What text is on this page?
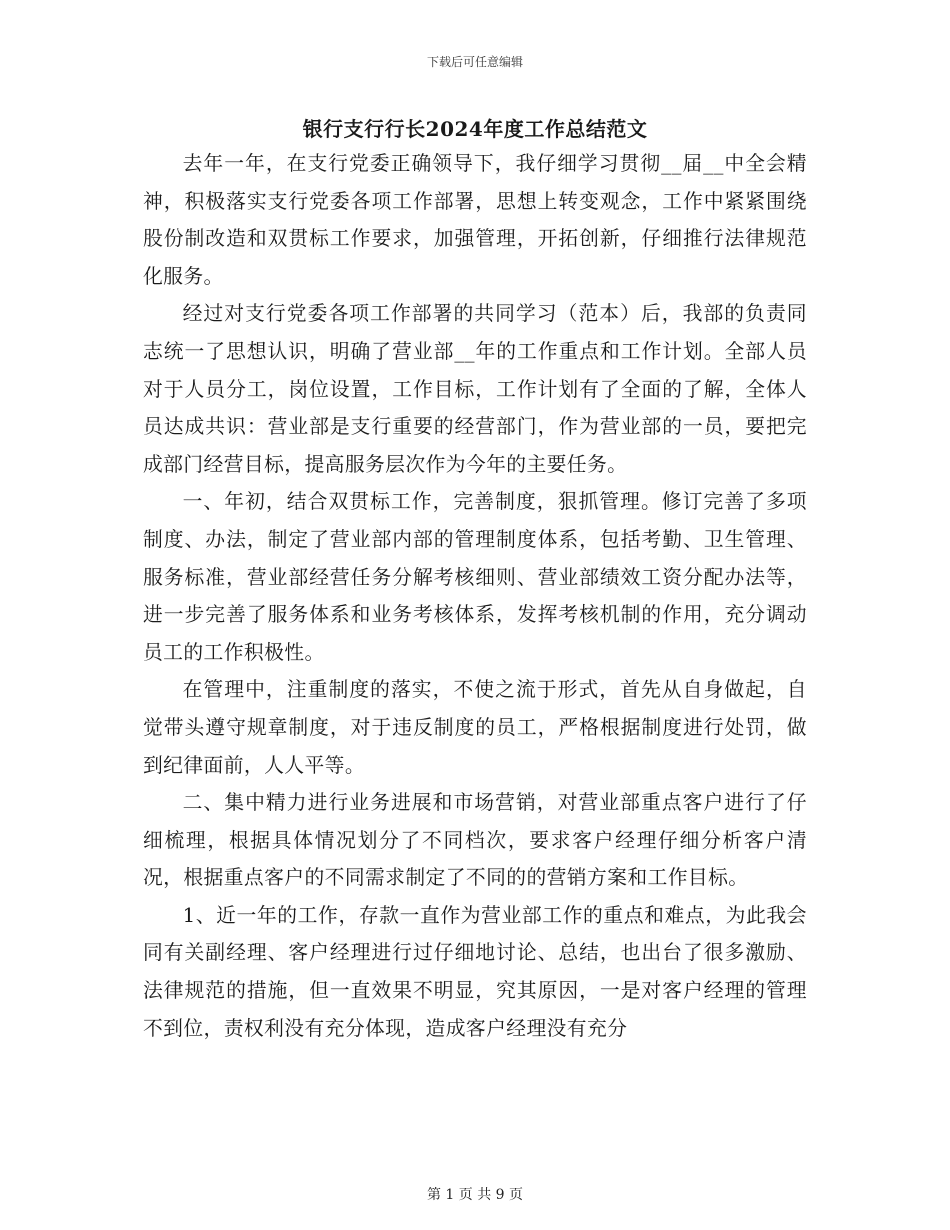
下载后可任意编辑
银行支行行长2024年度工作总结范文

去年一年，在支行党委正确领导下，我仔细学习贯彻__届__中全会精神，积极落实支行党委各项工作部署，思想上转变观念，工作中紧紧围绕股份制改造和双贯标工作要求，加强管理，开拓创新，仔细推行法律规范化服务。

经过对支行党委各项工作部署的共同学习（范本）后，我部的负责同志统一了思想认识，明确了营业部__年的工作重点和工作计划。全部人员对于人员分工，岗位设置，工作目标，工作计划有了全面的了解，全体人员达成共识：营业部是支行重要的经营部门，作为营业部的一员，要把完成部门经营目标，提高服务层次作为今年的主要任务。

一、年初，结合双贯标工作，完善制度，狠抓管理。修订完善了多项制度、办法，制定了营业部内部的管理制度体系，包括考勤、卫生管理、服务标准，营业部经营任务分解考核细则、营业部绩效工资分配办法等，进一步完善了服务体系和业务考核体系，发挥考核机制的作用，充分调动员工的工作积极性。

在管理中，注重制度的落实，不使之流于形式，首先从自身做起，自觉带头遵守规章制度，对于违反制度的员工，严格根据制度进行处罚，做到纪律面前，人人平等。

二、集中精力进行业务进展和市场营销，对营业部重点客户进行了仔细梳理，根据具体情况划分了不同档次，要求客户经理仔细分析客户清况，根据重点客户的不同需求制定了不同的的营销方案和工作目标。

1、近一年的工作，存款一直作为营业部工作的重点和难点，为此我会同有关副经理、客户经理进行过仔细地讨论、总结，也出台了很多激励、法律规范的措施，但一直效果不明显，究其原因，一是对客户经理的管理不到位，责权利没有充分体现，造成客户经理没有充分

第 1 页 共 9 页
